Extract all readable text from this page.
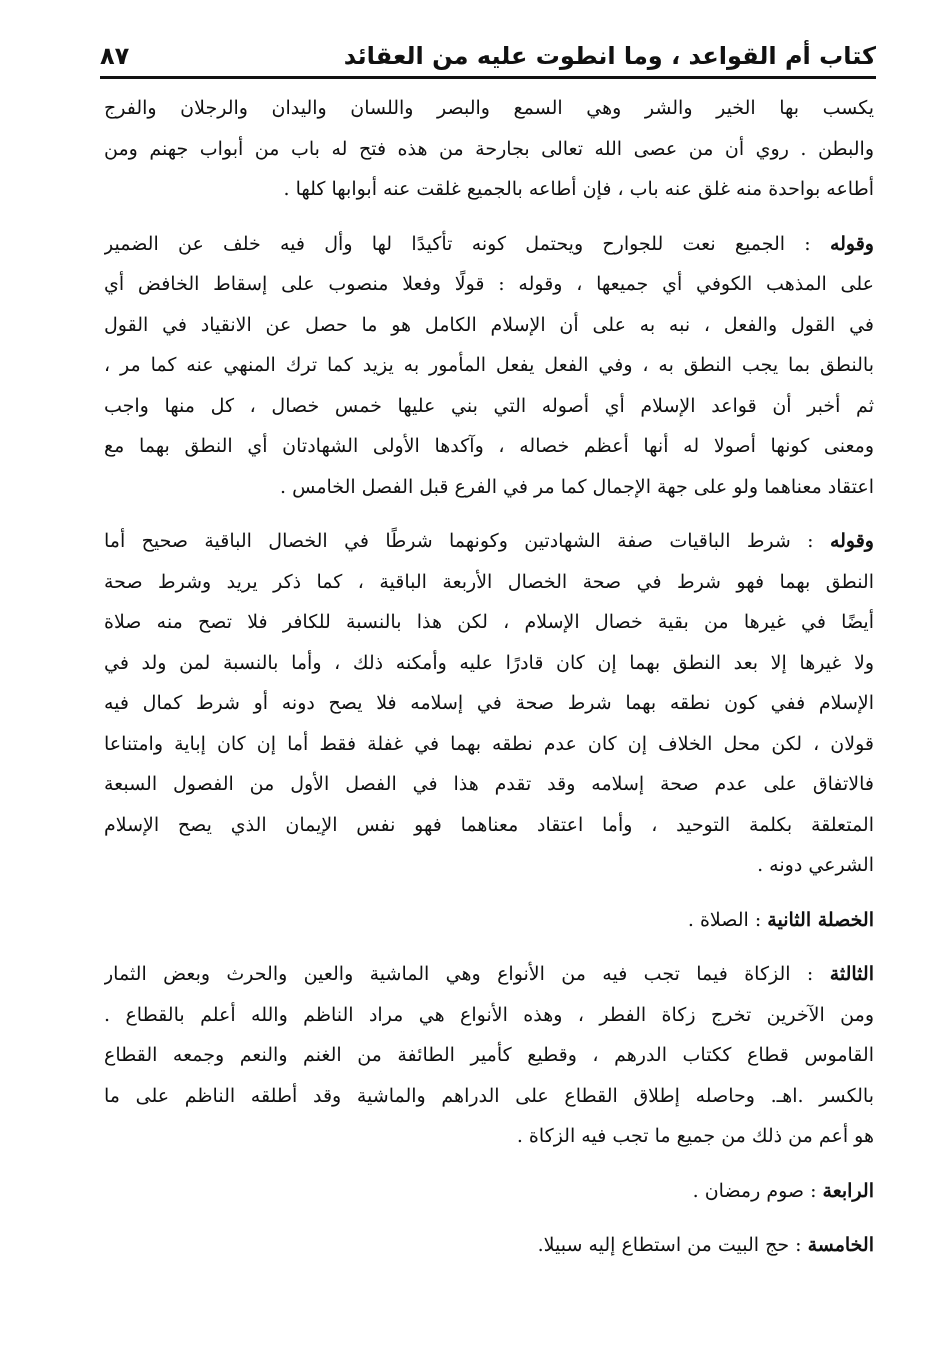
٨٧	كتاب أم القواعد ، وما انطوت عليه من العقائد
يكسب بها الخير والشر وهي السمع والبصر واللسان واليدان والرجلان والفرج
والبطن . روي أن من عصى الله تعالى بجارحة من هذه فتح له باب من أبواب جهنم ومن
أطاعه بواحدة منه غلق عنه باب ، فإن أطاعه بالجميع غلقت عنه أبوابها كلها .
وقوله : الجميع نعت للجوارح ويحتمل كونه تأكيدًا لها وأل فيه خلف عن الضمير
على المذهب الكوفي أي جميعها ، وقوله : قولًا وفعلا منصوب على إسقاط الخافض أي
في القول والفعل ، نبه به على أن الإسلام الكامل هو ما حصل عن الانقياد في القول
بالنطق بما يجب النطق به ، وفي الفعل يفعل المأمور به يزيد كما ترك المنهي عنه كما مر ،
ثم أخبر أن قواعد الإسلام أي أصوله التي بني عليها خمس خصال ، كل منها واجب
ومعنى كونها أصولا له أنها أعظم خصاله ، وآكدها الأولى الشهادتان أي النطق بهما مع
اعتقاد معناهما ولو على جهة الإجمال كما مر في الفرع قبل الفصل الخامس .
وقوله : شرط الباقيات صفة الشهادتين وكونهما شرطًا في الخصال الباقية صحيح أما
النطق بهما فهو شرط في صحة الخصال الأربعة الباقية ، كما ذكر يريد وشرط صحة
أيضًا في غيرها من بقية خصال الإسلام ، لكن هذا بالنسبة للكافر فلا تصح منه صلاة
ولا غيرها إلا بعد النطق بهما إن كان قادرًا عليه وأمكنه ذلك ، وأما بالنسبة لمن ولد في
الإسلام ففي كون نطقه بهما شرط صحة في إسلامه فلا يصح دونه أو شرط كمال فيه
قولان ، لكن محل الخلاف إن كان عدم نطقه بهما في غفلة فقط أما إن كان إباية وامتناعا
فالاتفاق على عدم صحة إسلامه وقد تقدم هذا في الفصل الأول من الفصول السبعة
المتعلقة بكلمة التوحيد ، وأما اعتقاد معناهما فهو نفس الإيمان الذي يصح الإسلام
الشرعي دونه .
الخصلة الثانية : الصلاة .
الثالثة : الزكاة فيما تجب فيه من الأنواع وهي الماشية والعين والحرث وبعض الثمار
ومن الآخرين تخرج زكاة الفطر ، وهذه الأنواع هي مراد الناظم والله أعلم بالقطاع .
القاموس قطاع ككتاب الدرهم ، وقطيع كأمير الطائفة من الغنم والنعم وجمعه القطاع
بالكسر .اهـ. وحاصله إطلاق القطاع على الدراهم والماشية وقد أطلقه الناظم على ما
هو أعم من ذلك من جميع ما تجب فيه الزكاة .
الرابعة : صوم رمضان .
الخامسة : حج البيت من استطاع إليه سبيلا.
